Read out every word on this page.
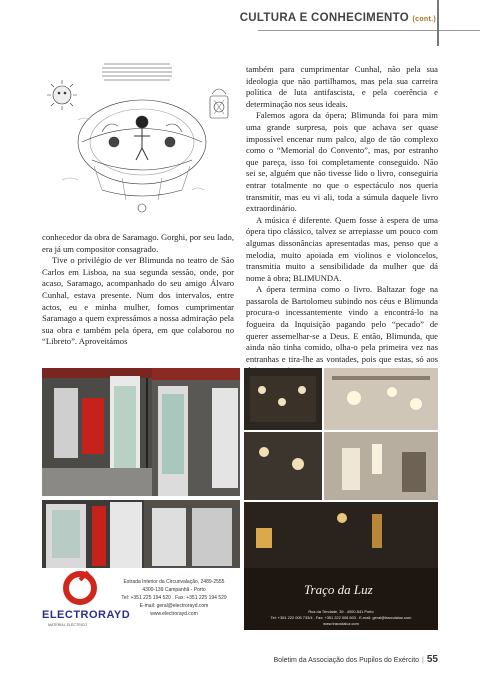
CULTURA E CONHECIMENTO (cont.)

conhecedor da obra de Saramago. Gorghi, por seu lado, era já um compositor consagrado.

Tive o privilégio de ver Blimunda no teatro de São Carlos em Lisboa, na sua segunda sessão, onde, por acaso, Saramago, acompanhado do seu amigo Álvaro Cunhal, estava presente. Num dos intervalos, entre actos, eu e minha mulher, fomos cumprimentar Saramago a quem expressámos a nossa admiração pela sua obra e também pela ópera, em que colaborou no “Libreto”. Aproveitámos

também para cumprimentar Cunhal, não pela sua ideologia que não partilhamos, mas pela sua carreira política de luta antifascista, e pela coerência e determinação nos seus ideais.

Falemos agora da ópera; Blimunda foi para mim uma grande surpresa, pois que achava ser quase impossível encenar num palco, algo de tão complexo como o “Memorial do Convento”, mas, por estranho que pareça, isso foi completamente conseguido. Não sei se, alguém que não tivesse lido o livro, conseguiria entrar totalmente no que o espectáculo nos queria transmitir, mas eu vi ali, toda a súmula daquele livro extraordinário.

A música é diferente. Quem fosse à espera de uma ópera tipo clássico, talvez se arrepiasse um pouco com algumas dissonâncias apresentadas mas, penso que a melodia, muito apoiada em violinos e violoncelos, transmitia muito a sensibilidade da mulher que dá nome à obra; BLIMUNDA.

A ópera termina como o livro. Baltazar foge na passarola de Bartolomeu subindo nos céus e Blimunda procura-o incessantemente vindo a encontrá-lo na fogueira da Inquisição pagando pelo “pecado” de querer assemelhar-se a Deus. E então, Blimunda, que ainda não tinha comido, olha-o pela primeira vez nas entranhas e tira-lhe as vontades, pois que estas, só aos

ELECTRORAYD
MATERIAL ELÉCTRICO
Estrada Interior da Circunvalação, 2489-2555
4300-139 Campanhã - Porto
Tel: +351 225 194 520 . Fax: +351 225 194 529
E-mail: geral@electrorayd.com
www.electrorayd.com
Traço da Luz
Rua da Trindade, 39 . 4000-541 Porto
Tel: +351 222 005 733/4 . Fax: +351 222 008 803 . E-mail: geral@tracodaluz.com
www.tracodaluz.com
Boletim da Associação dos Pupilos do Exército | 55
